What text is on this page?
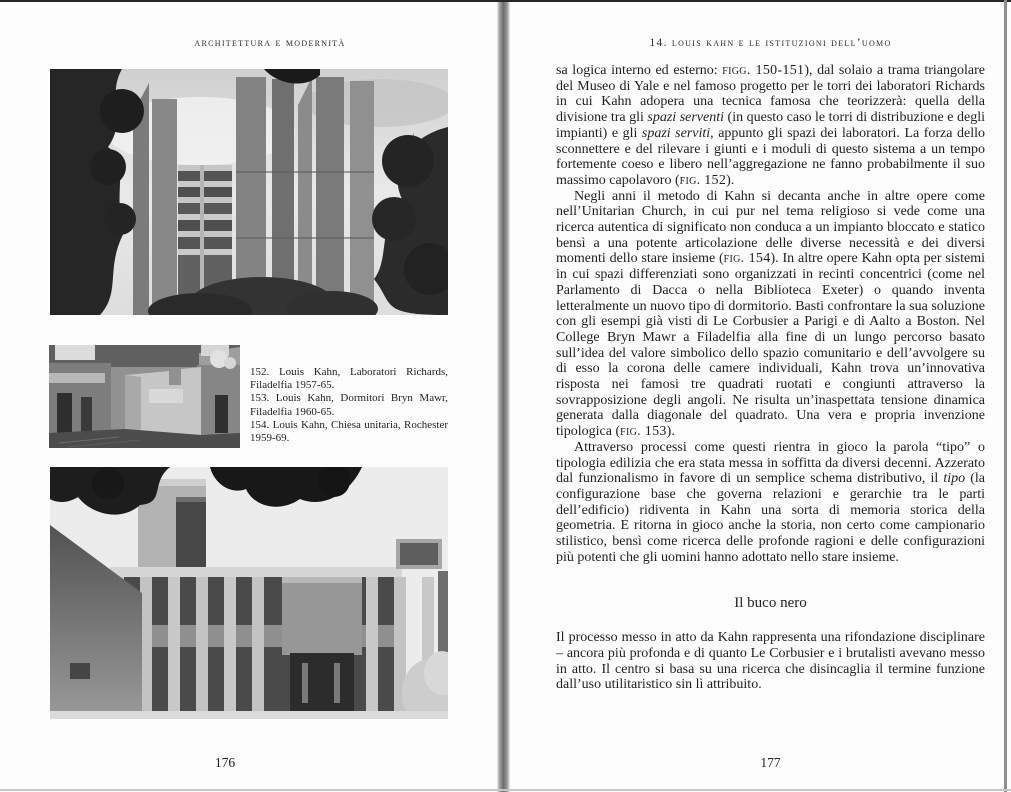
architettura e modernità
152. Louis Kahn, Laboratori Richards, Filadelfia 1957-65.
153. Louis Kahn, Dormitori Bryn Mawr, Filadelfia 1960-65.
154. Louis Kahn, Chiesa unitaria, Rochester 1959-69.
176
14. louis kahn e le istituzioni dell’uomo

sa logica interno ed esterno: figg. 150-151), dal solaio a trama triangolare del Museo di Yale e nel famoso progetto per le torri dei laboratori Richards in cui Kahn adopera una tecnica famosa che teorizzerà: quella della divisione tra gli spazi serventi (in questo caso le torri di distribuzione e degli impianti) e gli spazi serviti, appunto gli spazi dei laboratori. La forza dello sconnettere e del rilevare i giunti e i moduli di questo sistema a un tempo fortemente coeso e libero nell’aggregazione ne fanno probabilmente il suo massimo capolavoro (fig. 152).

Negli anni il metodo di Kahn si decanta anche in altre opere come nell’Unitarian Church, in cui pur nel tema religioso si vede come una ricerca autentica di significato non conduca a un impianto bloccato e statico bensì a una potente articolazione delle diverse necessità e dei diversi momenti dello stare insieme (fig. 154). In altre opere Kahn opta per sistemi in cui spazi differenziati sono organizzati in recinti concentrici (come nel Parlamento di Dacca o nella Biblioteca Exeter) o quando inventa letteralmente un nuovo tipo di dormitorio. Basti confrontare la sua soluzione con gli esempi già visti di Le Corbusier a Parigi e di Aalto a Boston. Nel College Bryn Mawr a Filadelfia alla fine di un lungo percorso basato sull’idea del valore simbolico dello spazio comunitario e dell’avvolgere su di esso la corona delle camere individuali, Kahn trova un’innovativa risposta nei famosi tre quadrati ruotati e congiunti attraverso la sovrapposizione degli angoli. Ne risulta un’inaspettata tensione dinamica generata dalla diagonale del quadrato. Una vera e propria invenzione tipologica (fig. 153).

Attraverso processi come questi rientra in gioco la parola “tipo” o tipologia edilizia che era stata messa in soffitta da diversi decenni. Azzerato dal funzionalismo in favore di un semplice schema distributivo, il tipo (la configurazione base che governa relazioni e gerarchie tra le parti dell’edificio) ridiventa in Kahn una sorta di memoria storica della geometria. E ritorna in gioco anche la storia, non certo come campionario stilistico, bensì come ricerca delle profonde ragioni e delle configurazioni più potenti che gli uomini hanno adottato nello stare insieme.

Il buco nero

Il processo messo in atto da Kahn rappresenta una rifondazione disciplinare – ancora più profonda e di quanto Le Corbusier e i brutalisti avevano messo in atto. Il centro si basa su una ricerca che disincaglia il termine funzione dall’uso utilitaristico sin lì attribuito.

177
